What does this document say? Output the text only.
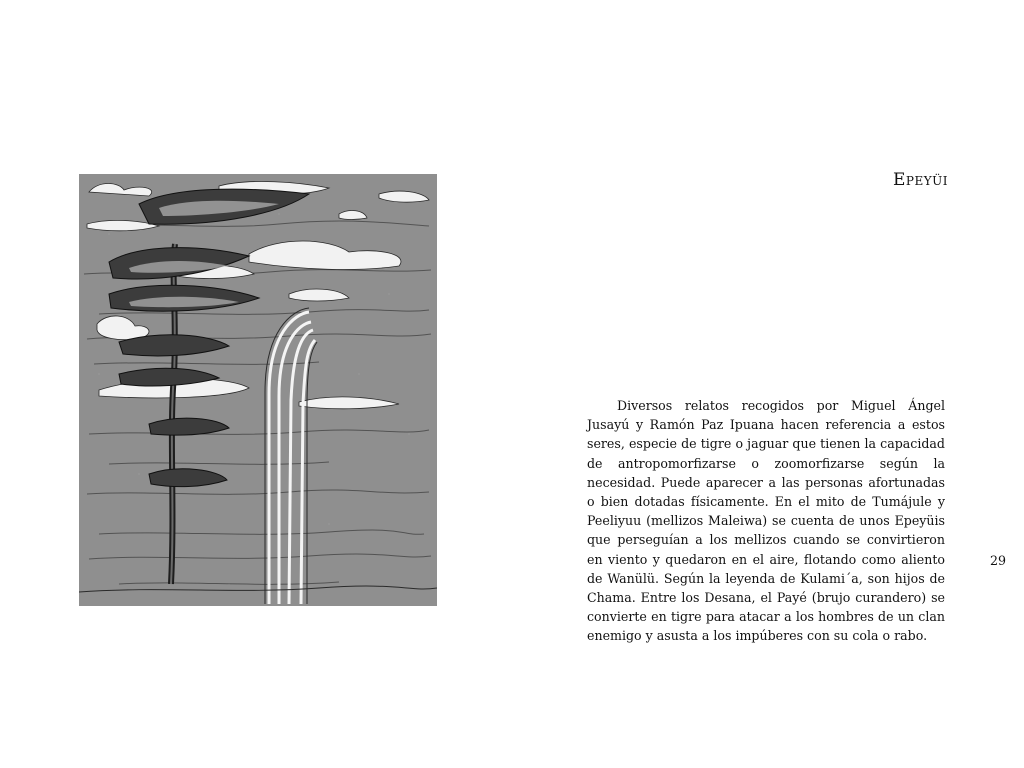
EPEYÜI

Diversos relatos recogidos por Miguel Ángel Jusayú y Ramón Paz Ipuana hacen referencia a estos seres, especie de tigre o jaguar que tienen la capacidad de antropomorfizarse o zoomorfizarse según la necesidad. Puede aparecer a las personas afortunadas o bien dotadas físicamente. En el mito de Tumájule y Peeliyuu (mellizos Maleiwa) se cuenta de unos Epeyüis que perseguían a los mellizos cuando se convirtieron en viento y quedaron en el aire, flotando como aliento de Wanülü. Según la leyenda de Kulami´a, son hijos de Chama. Entre los Desana, el Payé (brujo curandero) se convierte en tigre para atacar a los hombres de un clan enemigo y asusta a los impúberes con su cola o rabo.

29
